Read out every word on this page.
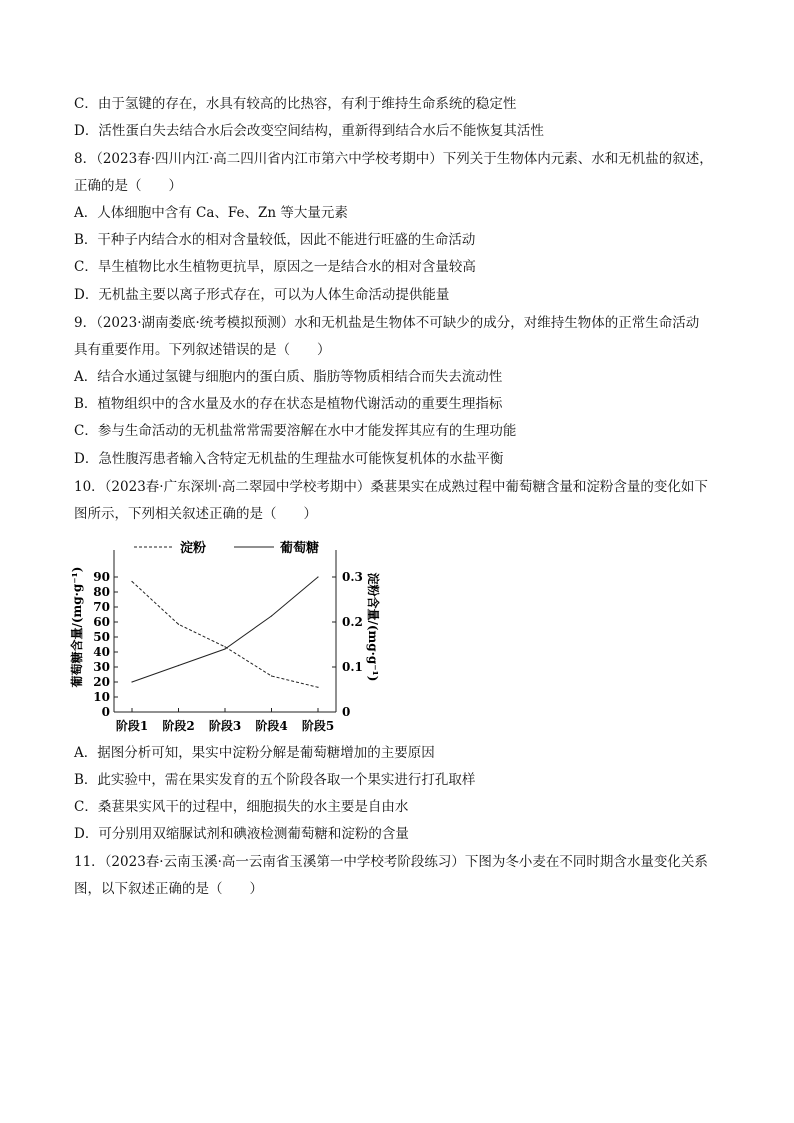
C．由于氢键的存在，水具有较高的比热容，有利于维持生命系统的稳定性
D．活性蛋白失去结合水后会改变空间结构，重新得到结合水后不能恢复其活性
8．（2023春·四川内江·高二四川省内江市第六中学校考期中）下列关于生物体内元素、水和无机盐的叙述，
正确的是（　　）
A．人体细胞中含有 Ca、Fe、Zn 等大量元素
B．干种子内结合水的相对含量较低，因此不能进行旺盛的生命活动
C．旱生植物比水生植物更抗旱，原因之一是结合水的相对含量较高
D．无机盐主要以离子形式存在，可以为人体生命活动提供能量
9．（2023·湖南娄底·统考模拟预测）水和无机盐是生物体不可缺少的成分，对维持生物体的正常生命活动
具有重要作用。下列叙述错误的是（　　）
A．结合水通过氢键与细胞内的蛋白质、脂肪等物质相结合而失去流动性
B．植物组织中的含水量及水的存在状态是植物代谢活动的重要生理指标
C．参与生命活动的无机盐常常需要溶解在水中才能发挥其应有的生理功能
D．急性腹泻患者输入含特定无机盐的生理盐水可能恢复机体的水盐平衡
10．（2023春·广东深圳·高二翠园中学校考期中）桑葚果实在成熟过程中葡萄糖含量和淀粉含量的变化如下
图所示，下列相关叙述正确的是（　　）
淀粉	葡萄糖
葡萄糖含量/(mg·g⁻¹)	淀粉含量/(mg·g⁻¹)
0
10
20
30
40
50
60
70
80
90
0
0.1
0.2
0.3
阶段1 阶段2 阶段3 阶段4 阶段5
A．据图分析可知，果实中淀粉分解是葡萄糖增加的主要原因
B．此实验中，需在果实发育的五个阶段各取一个果实进行打孔取样
C．桑葚果实风干的过程中，细胞损失的水主要是自由水
D．可分别用双缩脲试剂和碘液检测葡萄糖和淀粉的含量
11．（2023春·云南玉溪·高一云南省玉溪第一中学校考阶段练习）下图为冬小麦在不同时期含水量变化关系
图，以下叙述正确的是（　　）
